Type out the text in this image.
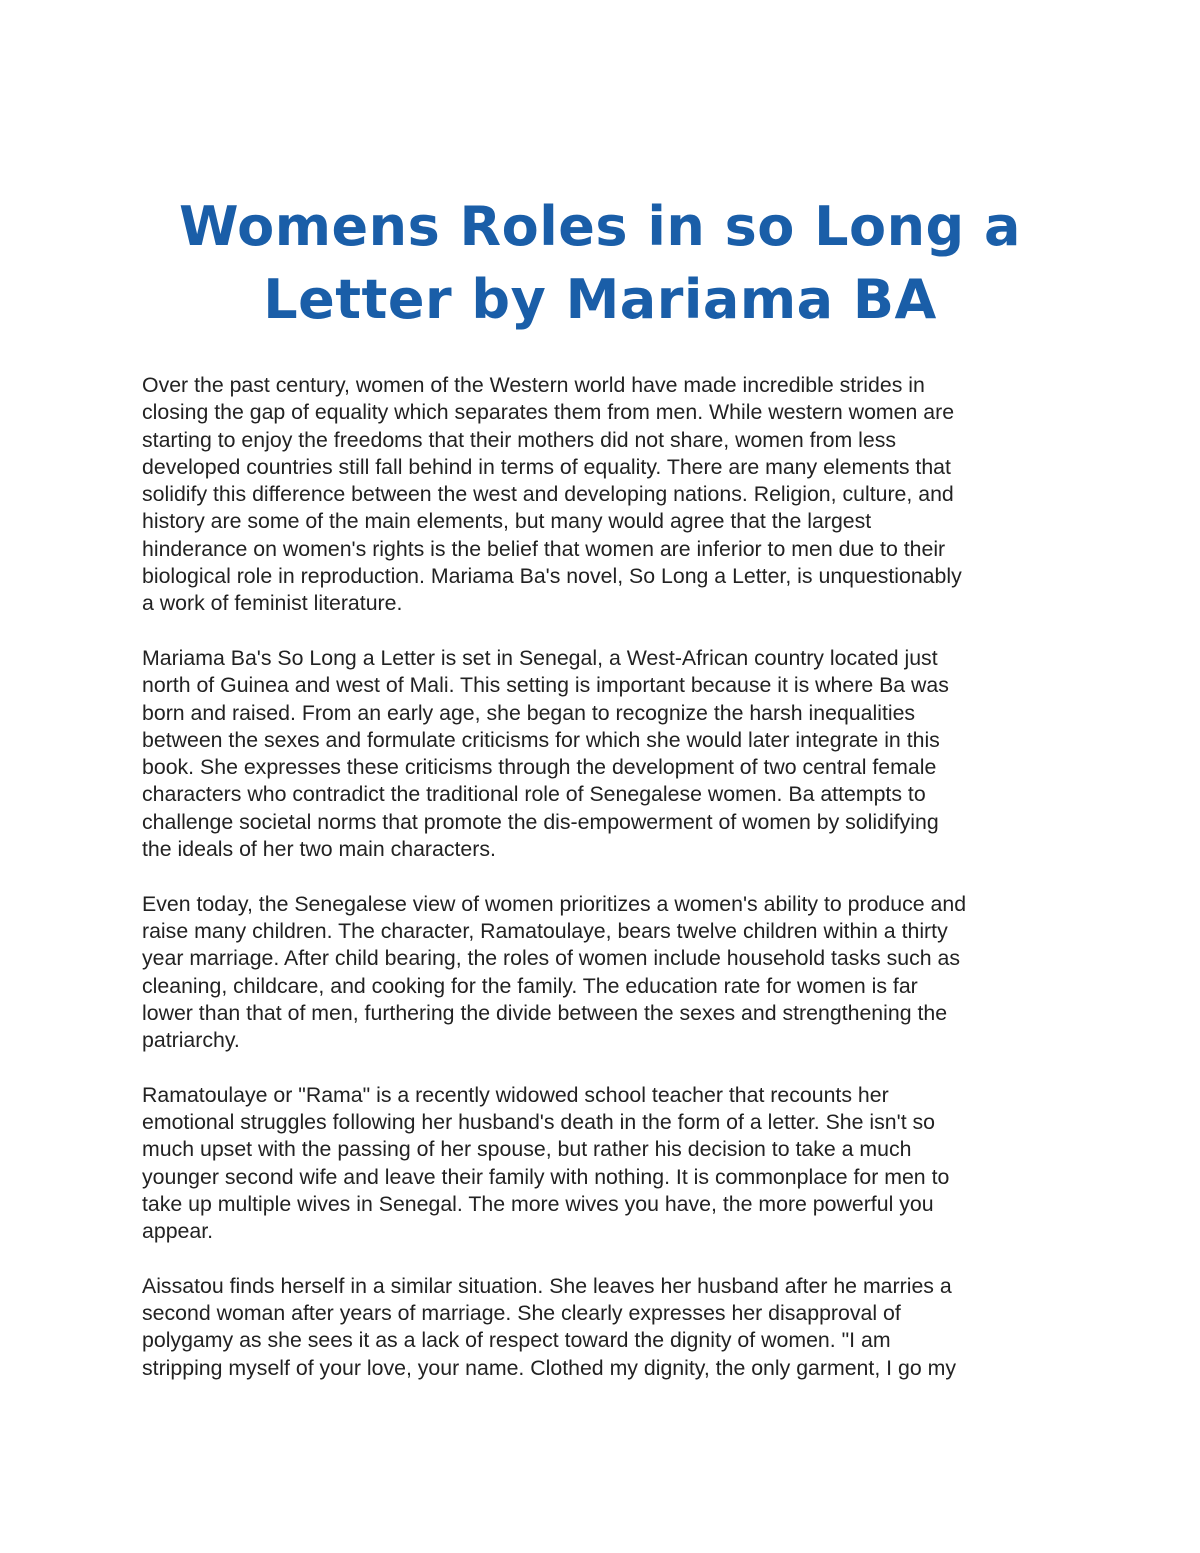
Womens Roles in so Long a Letter by Mariama BA

Over the past century, women of the Western world have made incredible strides in
closing the gap of equality which separates them from men. While western women are
starting to enjoy the freedoms that their mothers did not share, women from less
developed countries still fall behind in terms of equality. There are many elements that
solidify this difference between the west and developing nations. Religion, culture, and
history are some of the main elements, but many would agree that the largest
hinderance on women's rights is the belief that women are inferior to men due to their
biological role in reproduction. Mariama Ba's novel, So Long a Letter, is unquestionably
a work of feminist literature.

Mariama Ba's So Long a Letter is set in Senegal, a West-African country located just
north of Guinea and west of Mali. This setting is important because it is where Ba was
born and raised. From an early age, she began to recognize the harsh inequalities
between the sexes and formulate criticisms for which she would later integrate in this
book. She expresses these criticisms through the development of two central female
characters who contradict the traditional role of Senegalese women. Ba attempts to
challenge societal norms that promote the dis-empowerment of women by solidifying
the ideals of her two main characters.

Even today, the Senegalese view of women prioritizes a women's ability to produce and
raise many children. The character, Ramatoulaye, bears twelve children within a thirty
year marriage. After child bearing, the roles of women include household tasks such as
cleaning, childcare, and cooking for the family. The education rate for women is far
lower than that of men, furthering the divide between the sexes and strengthening the
patriarchy.

Ramatoulaye or "Rama" is a recently widowed school teacher that recounts her
emotional struggles following her husband's death in the form of a letter. She isn't so
much upset with the passing of her spouse, but rather his decision to take a much
younger second wife and leave their family with nothing. It is commonplace for men to
take up multiple wives in Senegal. The more wives you have, the more powerful you
appear.

Aissatou finds herself in a similar situation. She leaves her husband after he marries a
second woman after years of marriage. She clearly expresses her disapproval of
polygamy as she sees it as a lack of respect toward the dignity of women. "I am
stripping myself of your love, your name. Clothed my dignity, the only garment, I go my
